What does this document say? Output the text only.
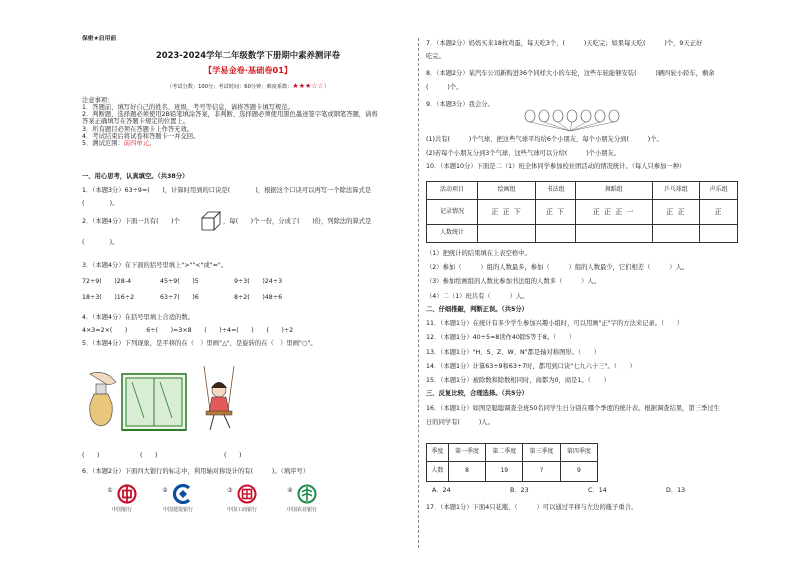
保密★启用前

2023-2024学年二年级数学下册期中素养测评卷

【学易金卷·基础卷01】

（考试分数：100分；考试时间：60分钟；难度系数：★★★☆☆）

注意事项：

1．答题前，填写好自己的姓名、班级、考号等信息，请将答题卡填写规范。

2．判断题、选择题必须使用2B铅笔填涂答案，非判断、选择题必须使用黑色墨迹签字笔或钢笔答题，请将

答案正确填写在答题卡规定的位置上。

3．所有题目必须在答题卡上作答无效。

4．考试结束后将试卷和答题卡一并交回。

5．测试范围：前四单元。

一、用心思考，认真填空。（共38分）

1．（本题3分）63÷9=(　　)，计算时用到的口诀是(　　　　)，根据这个口诀可以再写一个除法算式是

(　　　　)。

2．（本题4分）下面一共有(　　)个	，每(　　)个一份，分成了(　　)份，列除法的算式是

(　　　　)。

3．（本题4分）在下面的括号里填上">""<"或"="。

72÷9(　　)28-4	45÷9(　　)5	9÷3(　　)24÷3
18÷3(　　)16÷2	63÷7(　　)6	8÷2(　　)48÷6

4．（本题4分）在括号里填上合适的数。

4×3=2×(　　)　　　6÷(　　)=3×8　　(　　)÷4=(　　)　　(　　)÷2

5．（本题4分）下列现象，是平移的在（　）里画"△"，是旋转的在（　）里画"○"。

(　　)	(　　)	(　　)

6．（本题2分）下面四大银行的标志中，利用轴对称设计的有(　　　)。（填序号）

①
中国银行
②
中国建设银行
③
中国工商银行
④
中国农业银行

7．（本题2分）妈妈买来18枚鸡蛋，每天吃3个，(　　　)天吃完；如果每天吃(　　　)个，9天正好

吃完。

8．（本题2分）某汽车公司新购进36个同样大小的车轮，这些车轮能够安装(　　　)辆四轮小轿车，剩余

(　　　)个。

9．（本题3分）我会分。

(1)共有(　　　)个气球，把这些气球平均给6个小朋友，每个小朋友分到(　　　)个。

(2)若每个小朋友分到3个气球，这些气球可以分给(　　　)个小朋友。

10．（本题10分）下面是二（1）班全体同学参加校社团活动的情况统计。（每人只参加一种）

活动项目	绘画组	书法组	舞蹈组	乒乓球组	声乐组
记录情况	正 正 下	正 下	正 正 正 一	正 正	正
人数统计					

（1）把统计的结果填在上表空格中。

（2）参加（　　　）组的人数最多，参加（　　　）组的人数最少，它们相差（　　　）人。

（3）参加绘画组的人数比参加书法组的人数多（　　　）人。

（4）二（1）班共有（　　　）人。

二、仔细推敲，判断正误。（共5分）

11．（本题1分）在统计有多少学生参加兴趣小组时，可以用画"正"字的方法来记录。（　　）

12．（本题1分）40÷5=8读作40除5等于8。（　　）

13．（本题1分）"H、S、Z、W、N"都是轴对称图形。（　　）

14．（本题1分）计算63÷9和63÷7时，都用到口诀"七九六十三"。（　　）

15．（本题1分）被除数和除数相同时，商都为0，商是1。（　　）

三、反复比较，合理选择。（共5分）

16．（本题1分）如图是聪聪调查全班50名同学生日分别在哪个季度的统计表。根据调查结果，第三季过生

日的同学有(　　　)人。

季度	第一季度	第二季度	第三季度	第四季度
人数	8	19	?	9
A．24	B．23	C．14	D．13

17．（本题1分）下面4只花瓶，（　　　）可以通过平移与左边的瓶子重合。
